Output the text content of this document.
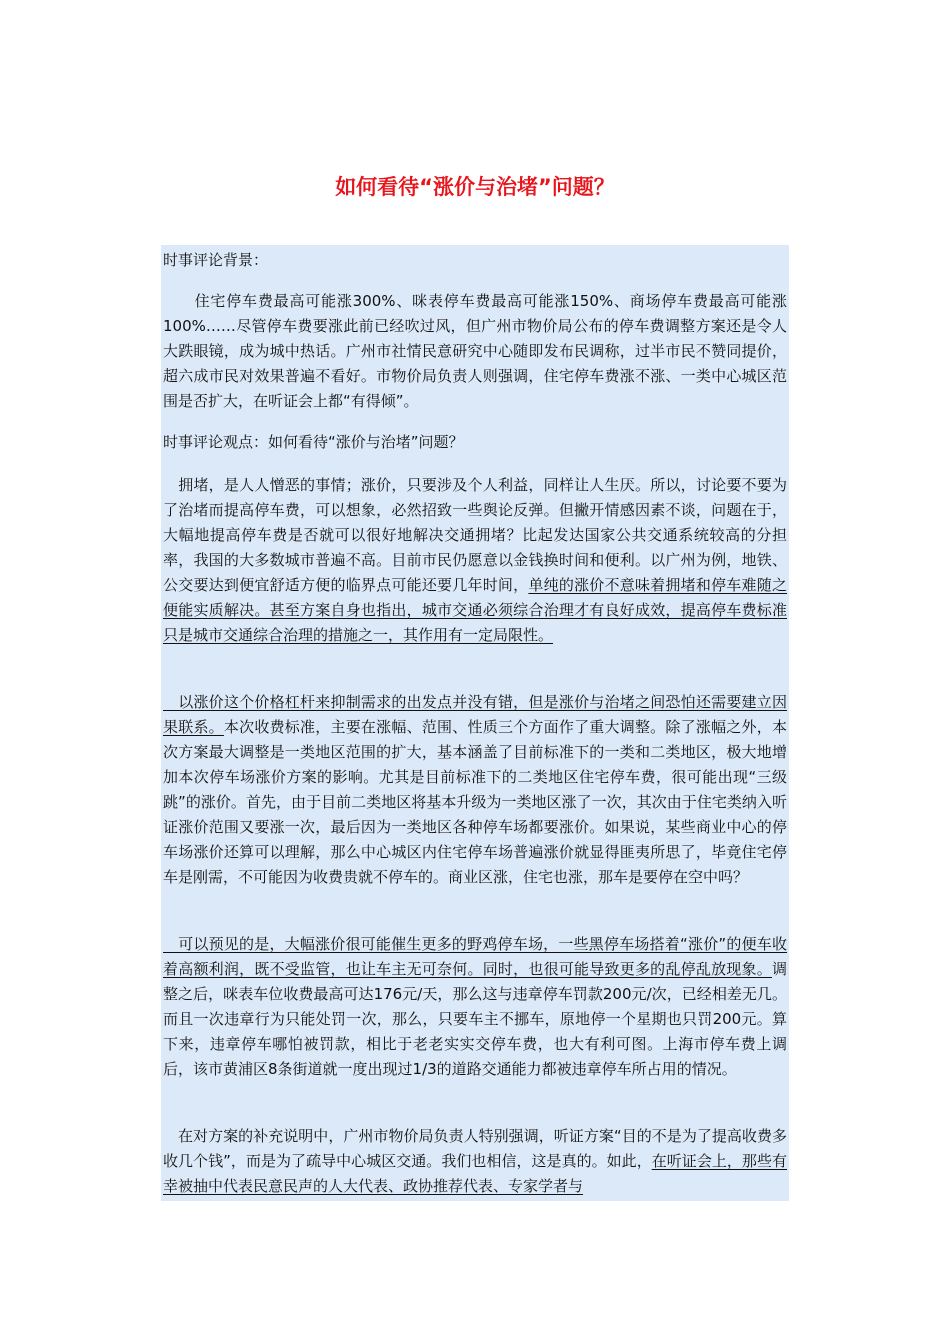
如何看待“涨价与治堵”问题？

时事评论背景：

　　住宅停车费最高可能涨300%、咪表停车费最高可能涨150%、商场停车费最高可能涨100%……尽管停车费要涨此前已经吹过风，但广州市物价局公布的停车费调整方案还是令人大跌眼镜，成为城中热话。广州市社情民意研究中心随即发布民调称，过半市民不赞同提价，超六成市民对效果普遍不看好。市物价局负责人则强调，住宅停车费涨不涨、一类中心城区范围是否扩大，在听证会上都“有得倾”。

时事评论观点：如何看待“涨价与治堵”问题？

　拥堵，是人人憎恶的事情；涨价，只要涉及个人利益，同样让人生厌。所以，讨论要不要为了治堵而提高停车费，可以想象，必然招致一些舆论反弹。但撇开情感因素不谈，问题在于，大幅地提高停车费是否就可以很好地解决交通拥堵？比起发达国家公共交通系统较高的分担率，我国的大多数城市普遍不高。目前市民仍愿意以金钱换时间和便利。以广州为例，地铁、公交要达到便宜舒适方便的临界点可能还要几年时间，单纯的涨价不意味着拥堵和停车难随之便能实质解决。甚至方案自身也指出，城市交通必须综合治理才有良好成效，提高停车费标准只是城市交通综合治理的措施之一，其作用有一定局限性。

　以涨价这个价格杠杆来抑制需求的出发点并没有错，但是涨价与治堵之间恐怕还需要建立因果联系。本次收费标准，主要在涨幅、范围、性质三个方面作了重大调整。除了涨幅之外，本次方案最大调整是一类地区范围的扩大，基本涵盖了目前标准下的一类和二类地区，极大地增加本次停车场涨价方案的影响。尤其是目前标准下的二类地区住宅停车费，很可能出现“三级跳”的涨价。首先，由于目前二类地区将基本升级为一类地区涨了一次，其次由于住宅类纳入听证涨价范围又要涨一次，最后因为一类地区各种停车场都要涨价。如果说，某些商业中心的停车场涨价还算可以理解，那么中心城区内住宅停车场普遍涨价就显得匪夷所思了，毕竟住宅停车是刚需，不可能因为收费贵就不停车的。商业区涨，住宅也涨，那车是要停在空中吗？

　可以预见的是，大幅涨价很可能催生更多的野鸡停车场，一些黑停车场搭着“涨价”的便车收着高额利润，既不受监管，也让车主无可奈何。同时，也很可能导致更多的乱停乱放现象。调整之后，咪表车位收费最高可达176元/天，那么这与违章停车罚款200元/次，已经相差无几。而且一次违章行为只能处罚一次，那么，只要车主不挪车，原地停一个星期也只罚200元。算下来，违章停车哪怕被罚款，相比于老老实实交停车费，也大有利可图。上海市停车费上调后，该市黄浦区8条街道就一度出现过1/3的道路交通能力都被违章停车所占用的情况。

　在对方案的补充说明中，广州市物价局负责人特别强调，听证方案“目的不是为了提高收费多收几个钱”，而是为了疏导中心城区交通。我们也相信，这是真的。如此，在听证会上，那些有幸被抽中代表民意民声的人大代表、政协推荐代表、专家学者与
